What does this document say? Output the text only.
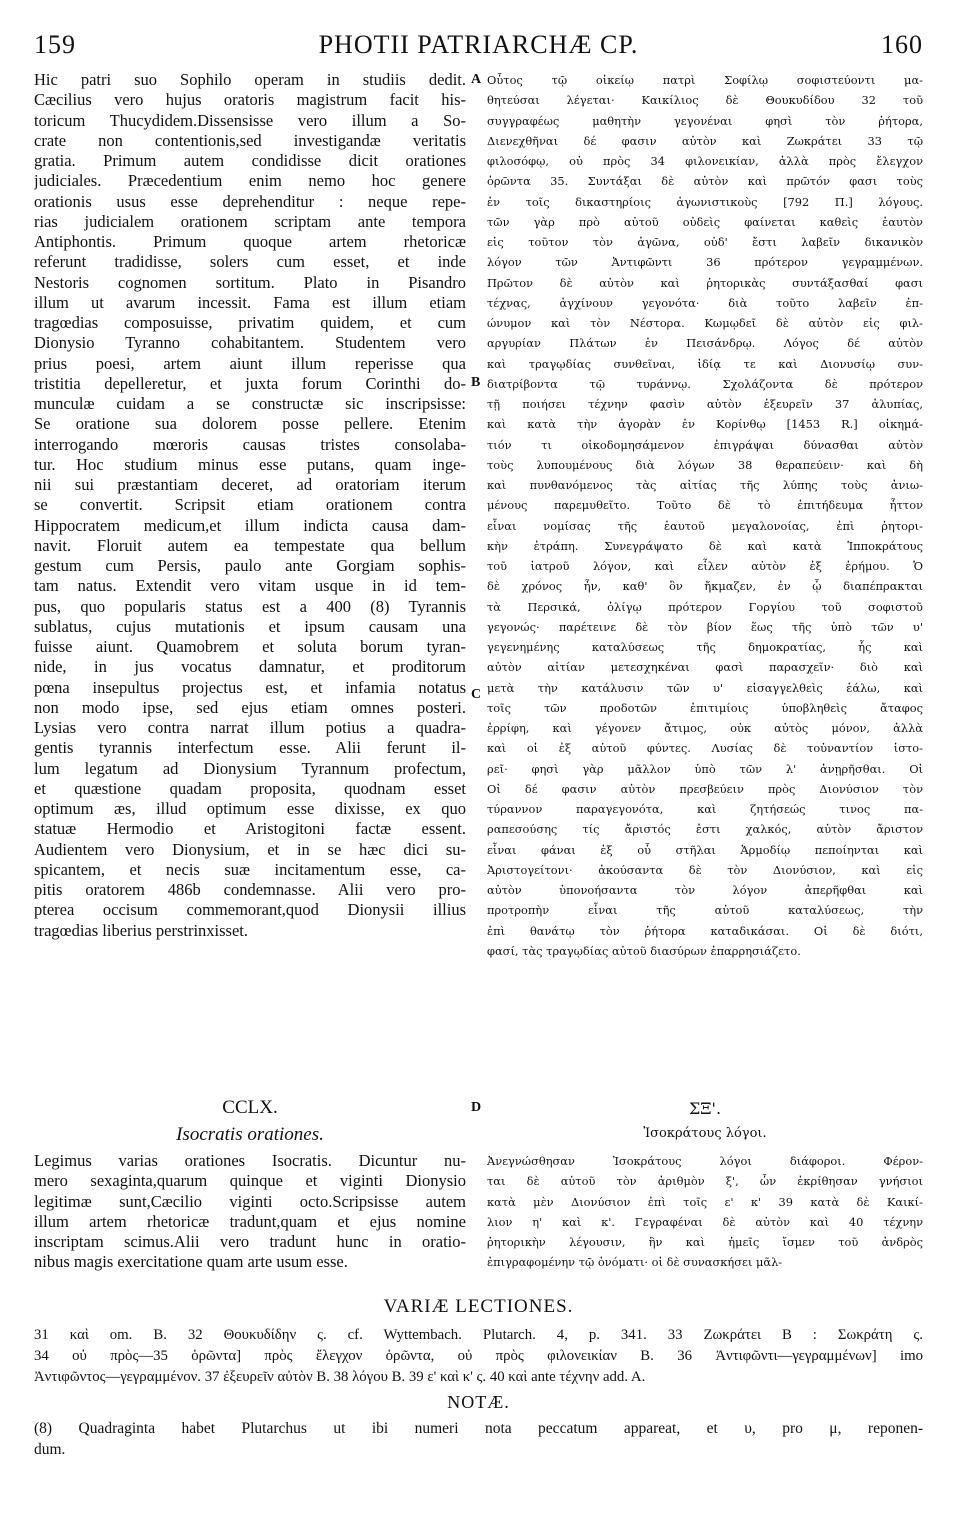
159	PHOTII PATRIARCHÆ CP.	160
A
B
C
D
Hic patri suo Sophilo operam in studiis dedit.
Cæcilius vero hujus oratoris magistrum facit his-
toricum Thucydidem.Dissensisse vero illum a So-
crate non contentionis,sed investigandæ veritatis
gratia. Primum autem condidisse dicit orationes
judiciales. Præcedentium enim nemo hoc genere
orationis usus esse deprehenditur : neque repe-
rias judicialem orationem scriptam ante tempora
Antiphontis. Primum quoque artem rhetoricæ
referunt tradidisse, solers cum esset, et inde
Nestoris cognomen sortitum. Plato in Pisandro
illum ut avarum incessit. Fama est illum etiam
tragœdias composuisse, privatim quidem, et cum
Dionysio Tyranno cohabitantem. Studentem vero
prius poesi, artem aiunt illum reperisse qua
tristitia depelleretur, et juxta forum Corinthi do-
munculæ cuidam a se constructæ sic inscripsisse:
Se oratione sua dolorem posse pellere. Etenim
interrogando mœroris causas tristes consolaba-
tur. Hoc studium minus esse putans, quam inge-
nii sui præstantiam deceret, ad oratoriam iterum
se convertit. Scripsit etiam orationem contra
Hippocratem medicum,et illum indicta causa dam-
navit. Floruit autem ea tempestate qua bellum
gestum cum Persis, paulo ante Gorgiam sophis-
tam natus. Extendit vero vitam usque in id tem-
pus, quo popularis status est a 400 (8) Tyrannis
sublatus, cujus mutationis et ipsum causam una
fuisse aiunt. Quamobrem et soluta borum tyran-
nide, in jus vocatus damnatur, et proditorum
pœna insepultus projectus est, et infamia notatus
non modo ipse, sed ejus etiam omnes posteri.
Lysias vero contra narrat illum potius a quadra-
gentis tyrannis interfectum esse. Alii ferunt il-
lum legatum ad Dionysium Tyrannum profectum,
et quæstione quadam proposita, quodnam esset
optimum æs, illud optimum esse dixisse, ex quo
statuæ Hermodio et Aristogitoni factæ essent.
Audientem vero Dionysium, et in se hæc dici su-
spicantem, et necis suæ incitamentum esse, ca-
pitis oratorem 486b condemnasse. Alii vero pro-
pterea occisum commemorant,quod Dionysii illius
tragœdias liberius perstrinxisset.
Οὗτος τῷ οἰκείῳ πατρὶ Σοφίλῳ σοφιστεύοντι μα-
θητεύσαι λέγεται· Καικίλιος δὲ Θουκυδίδου 32 τοῦ
συγγραφέως μαθητὴν γεγονέναι φησὶ τὸν ῥήτορα,
Διενεχθῆναι δέ φασιν αὐτὸν καὶ Ζωκράτει 33 τῷ
φιλοσόφῳ, οὐ πρὸς 34 φιλονεικίαν, ἀλλὰ πρὸς ἔλεγχον
ὁρῶντα 35. Συντάξαι δὲ αὐτὸν καὶ πρῶτόν φασι τοὺς
ἐν τοῖς δικαστηρίοις ἀγωνιστικοὺς [792 Π.] λόγους.
τῶν γὰρ πρὸ αὐτοῦ οὐδεὶς φαίνεται καθεὶς ἑαυτὸν
εἰς τοῦτον τὸν ἀγῶνα, οὐδ' ἔστι λαβεῖν δικανικὸν
λόγον τῶν Ἀντιφῶντι 36 πρότερον γεγραμμένων.
Πρῶτον δὲ αὐτὸν καὶ ῥητορικὰς συντάξασθαί φασι
τέχνας, ἀγχίνουν γεγονότα· διὰ τοῦτο λαβεῖν ἐπ-
ώνυμον καὶ τὸν Νέστορα. Κωμῳδεῖ δὲ αὐτὸν εἰς φιλ-
αργυρίαν Πλάτων ἐν Πεισάνδρῳ. Λόγος δέ αὐτὸν
καὶ τραγῳδίας συνθεῖναι, ἰδίᾳ τε καὶ Διονυσίῳ συν-
διατρίβοντα τῷ τυράννῳ. Σχολάζοντα δὲ πρότερον
τῇ ποιήσει τέχνην φασὶν αὐτὸν ἐξευρεῖν 37 ἀλυπίας,
καὶ κατὰ τὴν ἀγορὰν ἐν Κορίνθῳ [1453 R.] οἰκημά-
τιόν τι οἰκοδομησάμενον ἐπιγράψαι δύνασθαι αὐτὸν
τοὺς λυπουμένους διὰ λόγων 38 θεραπεύειν· καὶ δὴ
καὶ πυνθανόμενος τὰς αἰτίας τῆς λύπης τοὺς ἀνιω-
μένους παρεμυθεῖτο. Τοῦτο δὲ τὸ ἐπιτήδευμα ἧττον
εἶναι νομίσας τῆς ἑαυτοῦ μεγαλονοίας, ἐπὶ ῥητορι-
κὴν ἐτράπη. Συνεγράψατο δὲ καὶ κατὰ Ἱπποκράτους
τοῦ ἰατροῦ λόγον, καὶ εἷλεν αὐτὸν ἐξ ἐρήμου. Ὁ
δὲ χρόνος ἦν, καθ' ὃν ἤκμαζεν, ἐν ᾧ διαπέπρακται
τὰ Περσικά, ὀλίγῳ πρότερον Γοργίου τοῦ σοφιστοῦ
γεγονώς· παρέτεινε δὲ τὸν βίον ἕως τῆς ὑπὸ τῶν υ'
γεγενημένης καταλύσεως τῆς δημοκρατίας, ἧς καὶ
αὐτὸν αἰτίαν μετεσχηκέναι φασὶ παρασχεῖν· διὸ καὶ
μετὰ τὴν κατάλυσιν τῶν υ' εἰσαγγελθεὶς ἑάλω, καὶ
τοῖς τῶν προδοτῶν ἐπιτιμίοις ὑποβληθεὶς ἄταφος
ἐρρίφη, καὶ γέγονεν ἄτιμος, οὐκ αὐτὸς μόνον, ἀλλὰ
καὶ οἱ ἐξ αὐτοῦ φύντες. Λυσίας δὲ τοὐναντίον ἱστο-
ρεῖ· φησὶ γὰρ μᾶλλον ὑπὸ τῶν λ' ἀνῃρῆσθαι. Οἱ
Οἱ δέ φασιν αὐτὸν πρεσβεύειν πρὸς Διονύσιον τὸν
τύραννον παραγεγονότα, καὶ ζητήσεώς τινος πα-
ραπεσούσης τίς ἄριστός ἐστι χαλκός, αὐτὸν ἄριστον
εἶναι φάναι ἐξ οὗ στῆλαι Ἁρμοδίῳ πεποίηνται καὶ
Ἀριστογείτονι· ἀκούσαντα δὲ τὸν Διονύσιον, καὶ εἰς
αὐτὸν ὑπονοήσαντα τὸν λόγον ἀπερῆφθαι καὶ
προτροπὴν εἶναι τῆς αὐτοῦ καταλύσεως, τὴν
ἐπὶ θανάτῳ τὸν ῥήτορα καταδικάσαι. Οἱ δὲ διότι,
φασί, τὰς τραγῳδίας αὐτοῦ διασύρων ἐπαρρησιάζετο.
CCLX.
Isocratis orationes.
ΣΞ'.
Ἰσοκράτους λόγοι.
Legimus varias orationes Isocratis. Dicuntur nu-
mero sexaginta,quarum quinque et viginti Dionysio
legitimæ sunt,Cæcilio viginti octo.Scripsisse autem
illum artem rhetoricæ tradunt,quam et ejus nomine
inscriptam scimus.Alii vero tradunt hunc in oratio-
nibus magis exercitatione quam arte usum esse.
Ἀνεγνώσθησαν Ἰσοκράτους λόγοι διάφοροι. Φέρον-
ται δὲ αὐτοῦ τὸν ἀριθμὸν ξ', ὧν ἐκρίθησαν γνήσιοι
κατὰ μὲν Διονύσιον ἐπὶ τοῖς ε' κ' 39 κατὰ δὲ Καικί-
λιον η' καὶ κ'. Γεγραφέναι δὲ αὐτὸν καὶ 40 τέχνην
ῥητορικὴν λέγουσιν, ἣν καὶ ἡμεῖς ἴσμεν τοῦ ἀνδρὸς
ἐπιγραφομένην τῷ ὀνόματι· οἱ δὲ συνασκήσει μᾶλ-
VARIÆ LECTIONES.
31 καὶ om. B. 32 Θουκυδίδην ς. cf. Wyttembach. Plutarch. 4, p. 341. 33 Ζωκράτει B : Σωκράτη ς.
34 οὐ πρὸς—35 ὁρῶντα] πρὸς ἔλεγχον ὁρῶντα, οὐ πρὸς φιλονεικίαν B. 36 Ἀντιφῶντι—γεγραμμένων] imo
Ἀντιφῶντος—γεγραμμένον. 37 ἐξευρεῖν αὐτὸν B. 38 λόγου B. 39 ε' καὶ κ' ς. 40 καὶ ante τέχνην add. A.
NOTÆ.
(8) Quadraginta habet Plutarchus ut ibi numeri nota peccatum appareat, et υ, pro μ, reponen-
dum.
